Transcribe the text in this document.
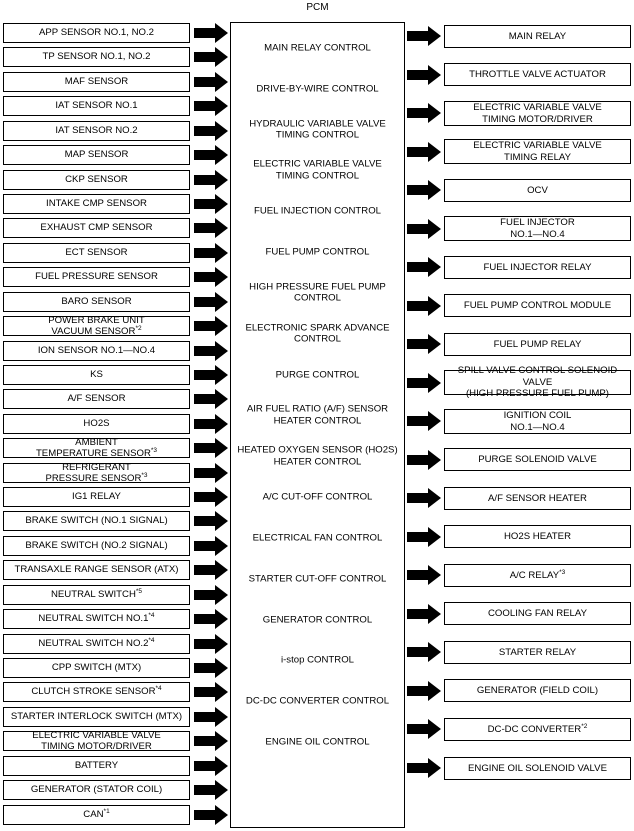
PCM
APP SENSOR NO.1, NO.2
TP SENSOR NO.1, NO.2
MAF SENSOR
IAT SENSOR NO.1
IAT SENSOR NO.2
MAP SENSOR
CKP SENSOR
INTAKE CMP SENSOR
EXHAUST CMP SENSOR
ECT SENSOR
FUEL PRESSURE SENSOR
BARO SENSOR
POWER BRAKE UNIT
VACUUM SENSOR$^{*2}$
ION SENSOR NO.1—NO.4
KS
A/F SENSOR
HO2S
AMBIENT
TEMPERATURE SENSOR$^{*3}$
REFRIGERANT
PRESSURE SENSOR$^{*3}$
IG1 RELAY
BRAKE SWITCH (NO.1 SIGNAL)
BRAKE SWITCH (NO.2 SIGNAL)
TRANSAXLE RANGE SENSOR (ATX)
NEUTRAL SWITCH$^{*5}$
NEUTRAL SWITCH NO.1$^{*4}$
NEUTRAL SWITCH NO.2$^{*4}$
CPP SWITCH (MTX)
CLUTCH STROKE SENSOR$^{*4}$
STARTER INTERLOCK SWITCH (MTX)
ELECTRIC VARIABLE VALVE
TIMING MOTOR/DRIVER
BATTERY
GENERATOR (STATOR COIL)
CAN$^{*1}$
MAIN RELAY CONTROL
DRIVE-BY-WIRE CONTROL
HYDRAULIC VARIABLE VALVE
TIMING CONTROL
ELECTRIC VARIABLE VALVE
TIMING CONTROL
FUEL INJECTION CONTROL
FUEL PUMP CONTROL
HIGH PRESSURE FUEL PUMP
CONTROL
ELECTRONIC SPARK ADVANCE
CONTROL
PURGE CONTROL
AIR FUEL RATIO (A/F) SENSOR
HEATER CONTROL
HEATED OXYGEN SENSOR (HO2S)
HEATER CONTROL
A/C CUT-OFF CONTROL
ELECTRICAL FAN CONTROL
STARTER CUT-OFF CONTROL
GENERATOR CONTROL
i-stop CONTROL
DC-DC CONVERTER CONTROL
ENGINE OIL CONTROL
MAIN RELAY
THROTTLE VALVE ACTUATOR
ELECTRIC VARIABLE VALVE
TIMING MOTOR/DRIVER
ELECTRIC VARIABLE VALVE
TIMING RELAY
OCV
FUEL INJECTOR
NO.1—NO.4
FUEL INJECTOR RELAY
FUEL PUMP CONTROL MODULE
FUEL PUMP RELAY
SPILL VALVE CONTROL SOLENOID VALVE
(HIGH PRESSURE FUEL PUMP)
IGNITION COIL
NO.1—NO.4
PURGE SOLENOID VALVE
A/F SENSOR HEATER
HO2S HEATER
A/C RELAY$^{*3}$
COOLING FAN RELAY
STARTER RELAY
GENERATOR (FIELD COIL)
DC-DC CONVERTER$^{*2}$
ENGINE OIL SOLENOID VALVE
